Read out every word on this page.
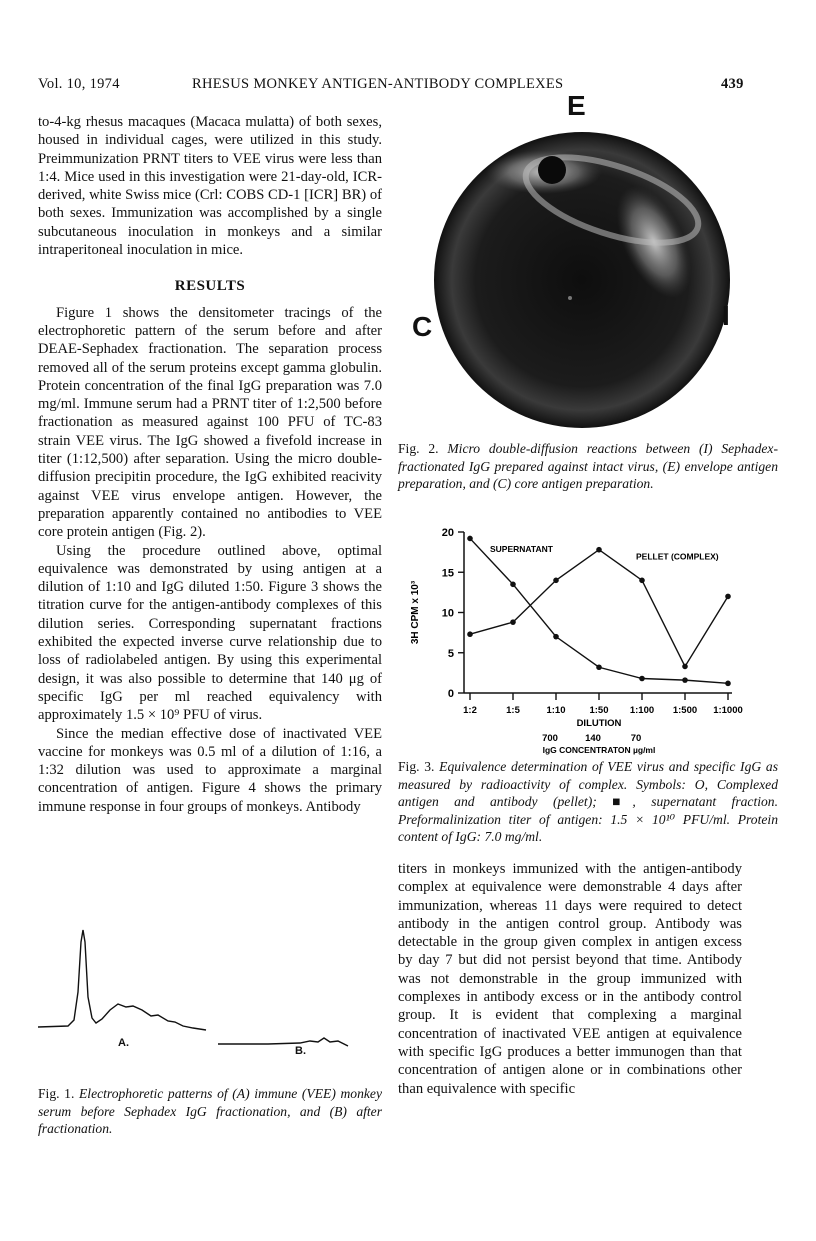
Vol. 10, 1974	RHESUS MONKEY ANTIGEN-ANTIBODY COMPLEXES	439

to-4-kg rhesus macaques (Macaca mulatta) of both sexes, housed in individual cages, were utilized in this study. Preimmunization PRNT titers to VEE virus were less than 1:4. Mice used in this investigation were 21-day-old, ICR-derived, white Swiss mice (Crl: COBS CD-1 [ICR] BR) of both sexes. Immunization was accomplished by a single subcutaneous inoculation in monkeys and a similar intraperitoneal inoculation in mice.

RESULTS

Figure 1 shows the densitometer tracings of the electrophoretic pattern of the serum before and after DEAE-Sephadex fractionation. The separation process removed all of the serum proteins except gamma globulin. Protein concentration of the final IgG preparation was 7.0 mg/ml. Immune serum had a PRNT titer of 1:2,500 before fractionation as measured against 100 PFU of TC-83 strain VEE virus. The IgG showed a fivefold increase in titer (1:12,500) after separation. Using the micro double-diffusion precipitin procedure, the IgG exhibited reacivity against VEE virus envelope antigen. However, the preparation apparently contained no antibodies to VEE core protein antigen (Fig. 2).

Using the procedure outlined above, optimal equivalence was demonstrated by using antigen at a dilution of 1:10 and IgG diluted 1:50. Figure 3 shows the titration curve for the antigen-antibody complexes of this dilution series. Corresponding supernatant fractions exhibited the expected inverse curve relationship due to loss of radiolabeled antigen. By using this experimental design, it was also possible to determine that 140 μg of specific IgG per ml reached equivalency with approximately 1.5 × 10⁹ PFU of virus.

Since the median effective dose of inactivated VEE vaccine for monkeys was 0.5 ml of a dilution of 1:16, a 1:32 dilution was used to approximate a marginal concentration of antigen. Figure 4 shows the primary immune response in four groups of monkeys. Antibody

A.
B.
Fig. 1. Electrophoretic patterns of (A) immune (VEE) monkey serum before Sephadex IgG fractionation, and (B) after fractionation.
E
C	I
Fig. 2. Micro double-diffusion reactions between (I) Sephadex-fractionated IgG prepared against intact virus, (E) envelope antigen preparation, and (C) core antigen preparation.
0
5
10
15
20
3H CPM x 10³
1:2	1:5	1:10	1:50 1:100 1:500 1:1000
DILUTION
700	140	70
IgG CONCENTRATON µg/ml
SUPERNATANT
PELLET (COMPLEX)
Fig. 3. Equivalence determination of VEE virus and specific IgG as measured by radioactivity of complex. Symbols: O, Complexed antigen and antibody (pellet); ■, supernatant fraction. Preformalinization titer of antigen: 1.5 × 10¹⁰ PFU/ml. Protein content of IgG: 7.0 mg/ml.

titers in monkeys immunized with the antigen-antibody complex at equivalence were demonstrable 4 days after immunization, whereas 11 days were required to detect antibody in the antigen control group. Antibody was detectable in the group given complex in antigen excess by day 7 but did not persist beyond that time. Antibody was not demonstrable in the group immunized with complexes in antibody excess or in the antibody control group. It is evident that complexing a marginal concentration of inactivated VEE antigen at equivalence with specific IgG produces a better immunogen than that concentration of antigen alone or in combinations other than equivalence with specific
